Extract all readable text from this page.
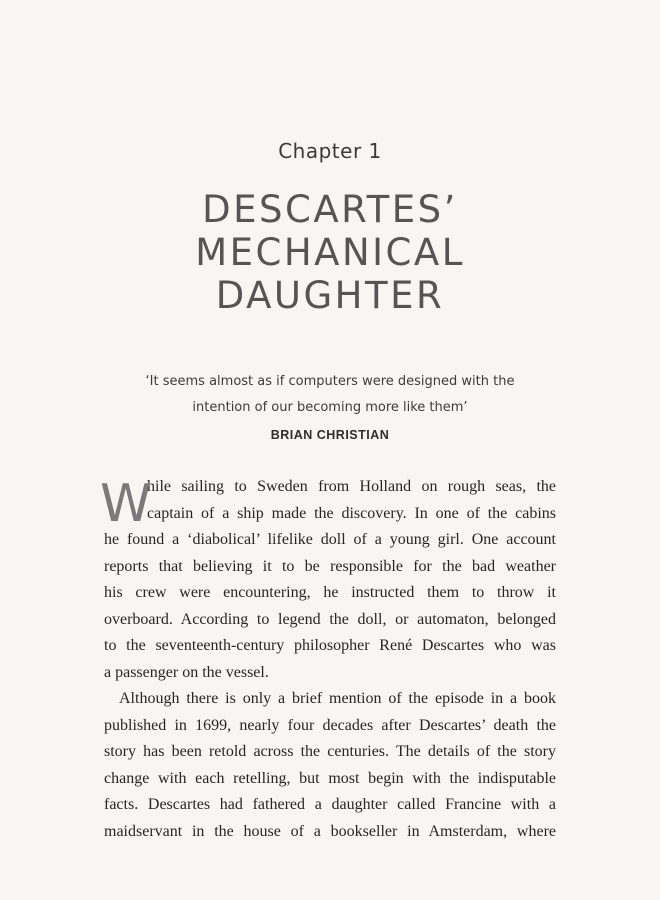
Chapter 1
DESCARTES’
MECHANICAL
DAUGHTER
‘It seems almost as if computers were designed with the
intention of our becoming more like them’
BRIAN CHRISTIAN
W
hile sailing to Sweden from Holland on rough seas, the
captain of a ship made the discovery. In one of the cabins
he found a ‘diabolical’ lifelike doll of a young girl. One account
reports that believing it to be responsible for the bad weather
his crew were encountering, he instructed them to throw it
overboard. According to legend the doll, or automaton, belonged
to the seventeenth-century philosopher René Descartes who was
a passenger on the vessel.
Although there is only a brief mention of the episode in a book
published in 1699, nearly four decades after Descartes’ death the
story has been retold across the centuries. The details of the story
change with each retelling, but most begin with the indisputable
facts. Descartes had fathered a daughter called Francine with a
maidservant in the house of a bookseller in Amsterdam, where
